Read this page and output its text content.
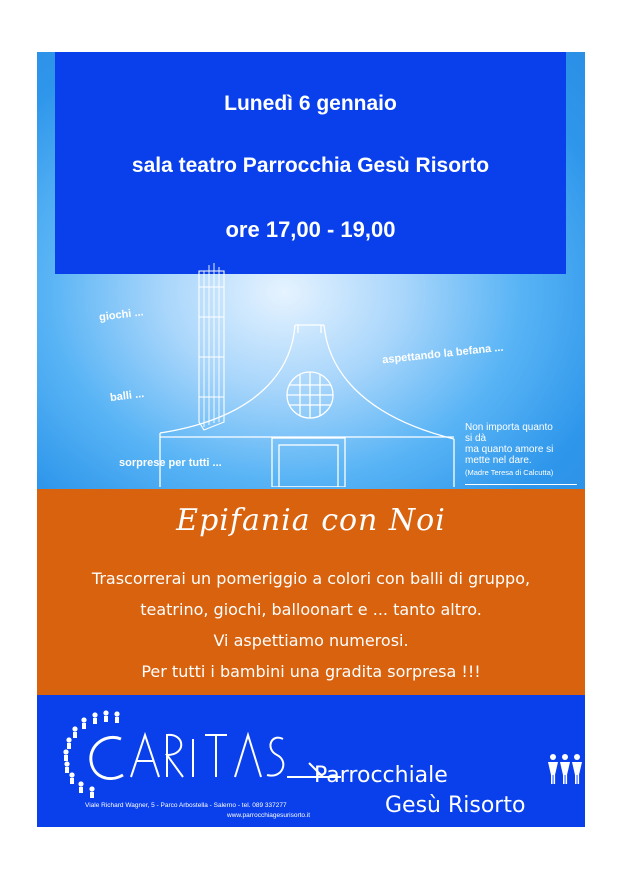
Lunedì 6 gennaio
sala teatro Parrocchia Gesù Risorto
ore 17,00 - 19,00
giochi ...
balli ...
sorprese per tutti ...
aspettando la befana ...
Non importa quanto
si dà
ma quanto amore si
mette nel dare.
(Madre Teresa di Calcutta)
Epifania con Noi
Trascorrerai un pomeriggio a colori con balli di gruppo,
teatrino, giochi, balloonart e ... tanto altro.
Vi aspettiamo numerosi.
Per tutti i bambini una gradita sorpresa !!!
Parrocchiale
Gesù Risorto
Viale Richard Wagner, 5 - Parco Arbostella - Salerno - tel. 089 337277
www.parrocchiagesurisorto.it
